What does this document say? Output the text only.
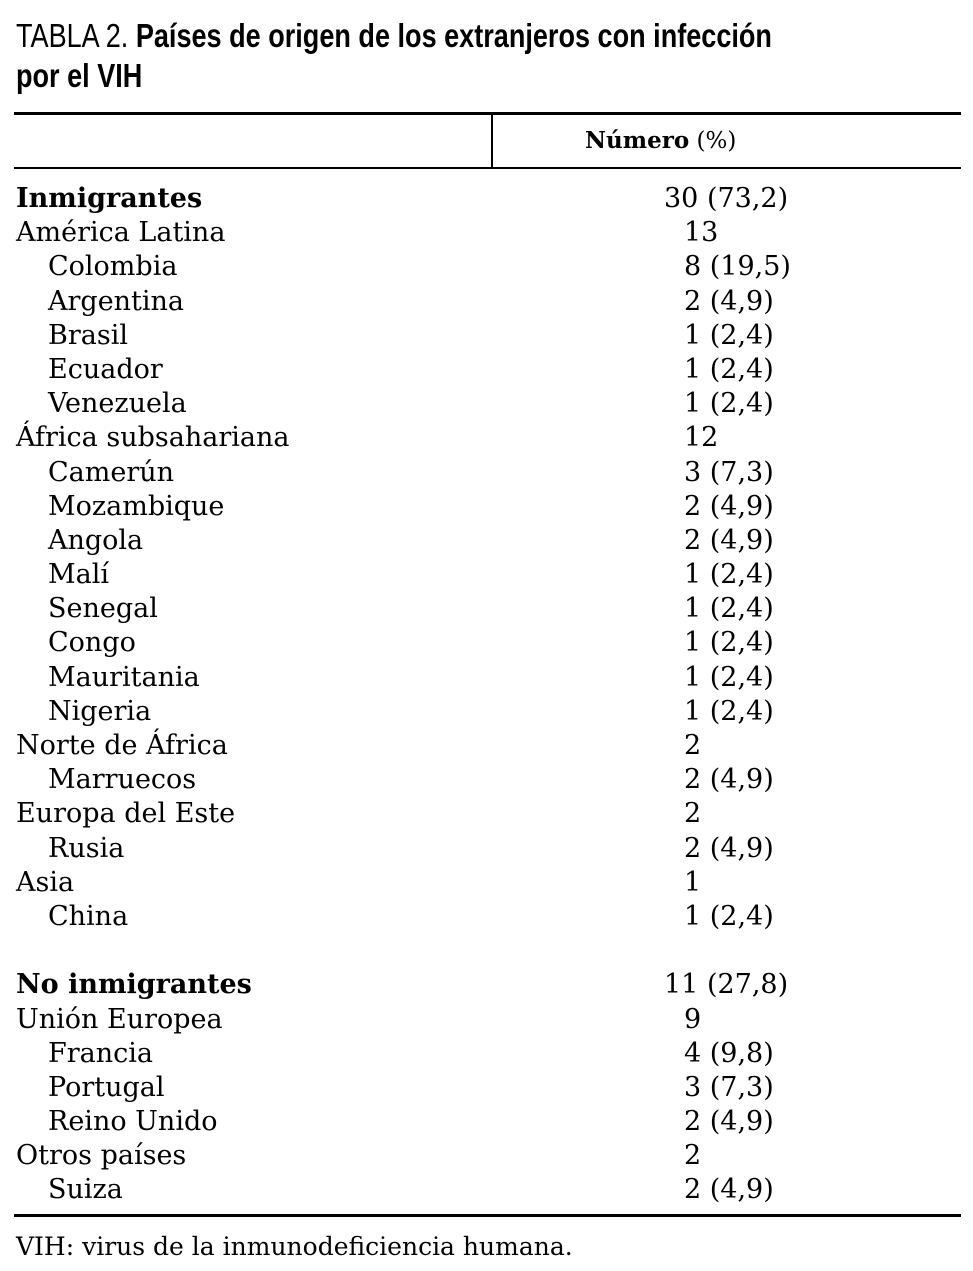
TABLA 2. Países de origen de los extranjeros con infección
por el VIH
Número (%)
Inmigrantes	30 (73,2)
América Latina	13
Colombia	8 (19,5)
Argentina	2 (4,9)
Brasil	1 (2,4)
Ecuador	1 (2,4)
Venezuela	1 (2,4)
África subsahariana	12
Camerún	3 (7,3)
Mozambique	2 (4,9)
Angola	2 (4,9)
Malí	1 (2,4)
Senegal	1 (2,4)
Congo	1 (2,4)
Mauritania	1 (2,4)
Nigeria	1 (2,4)
Norte de África	2
Marruecos	2 (4,9)
Europa del Este	2
Rusia	2 (4,9)
Asia	1
China	1 (2,4)
No inmigrantes	11 (27,8)
Unión Europea	9
Francia	4 (9,8)
Portugal	3 (7,3)
Reino Unido	2 (4,9)
Otros países	2
Suiza	2 (4,9)
VIH: virus de la inmunodeficiencia humana.
